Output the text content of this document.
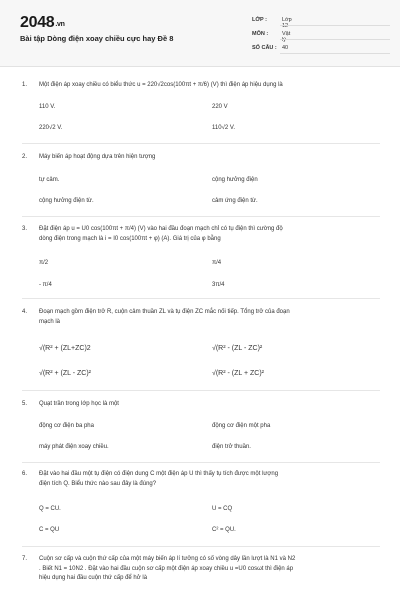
2048.vn
Bài tập Dòng điện xoay chiều cực hay Đề 8
LỚP :	Lớp 12
MÔN :	Vật lý
SỐ CÂU : 40
1. Một điện áp xoay chiều có biểu thức u = 220√2cos(100πt + π/6) (V) thì điện áp hiệu dụng là
110 V.	220 V
220√2 V.	110√2 V.
2. Máy biến áp hoạt động dựa trên hiện tượng
tự cảm.	cộng hưởng điện
cộng hưởng điện từ.	cảm ứng điện từ.
3. Đặt điện áp u = U0 cos(100πt + π/4) (V) vào hai đầu đoạn mạch chỉ có tụ điện thì cường độ
dòng điện trong mạch là i = I0 cos(100πt + φ) (A). Giá trị của φ bằng
π/2	π/4
- π/4	3π/4
4. Đoạn mạch gồm điện trở R, cuộn cảm thuần ZL và tụ điện ZC mắc nối tiếp. Tổng trở của đoạn
mạch là
√(R² + (ZL+ZC)2	√(R² - (ZL - ZC)²
√(R² + (ZL - ZC)²	√(R² - (ZL + ZC)²
5. Quạt trần trong lớp học là một
động cơ điện ba pha	động cơ điện một pha
máy phát điện xoay chiều.	điện trở thuần.
6. Đặt vào hai đầu một tụ điện có điện dung C một điện áp U thì thấy tụ tích được một lượng
điện tích Q. Biểu thức nào sau đây là đúng?
Q = CU.	U = CQ
C = QU	C² = QU.
7. Cuộn sơ cấp và cuộn thứ cấp của một máy biến áp lí tưởng có số vòng dây lần lượt là N1 và N2
. Biết N1 = 10N2 . Đặt vào hai đầu cuộn sơ cấp một điện áp xoay chiều u =U0 cosωt thì điện áp
hiệu dụng hai đầu cuộn thứ cấp để hở là
